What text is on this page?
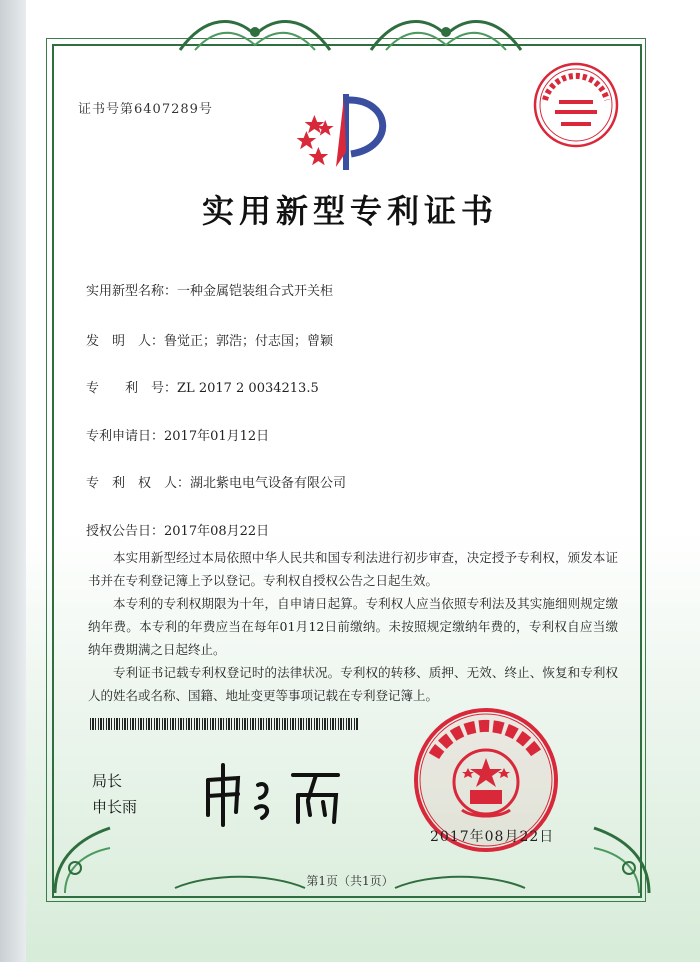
证书号第6407289号
实用新型专利证书
实用新型名称：一种金属铠装组合式开关柜
发　明　人：鲁觉正；郭浩；付志国；曾颖
专　　利　号：ZL 2017 2 0034213.5
专利申请日：2017年01月12日
专　利　权　人：湖北紫电电气设备有限公司
授权公告日：2017年08月22日

本实用新型经过本局依照中华人民共和国专利法进行初步审查，决定授予专利权，颁发本证书并在专利登记簿上予以登记。专利权自授权公告之日起生效。

本专利的专利权期限为十年，自申请日起算。专利权人应当依照专利法及其实施细则规定缴纳年费。本专利的年费应当在每年01月12日前缴纳。未按照规定缴纳年费的，专利权自应当缴纳年费期满之日起终止。

专利证书记载专利权登记时的法律状况。专利权的转移、质押、无效、终止、恢复和专利权人的姓名或名称、国籍、地址变更等事项记载在专利登记簿上。

局长
申长雨
2017年08月22日
第1页（共1页）
